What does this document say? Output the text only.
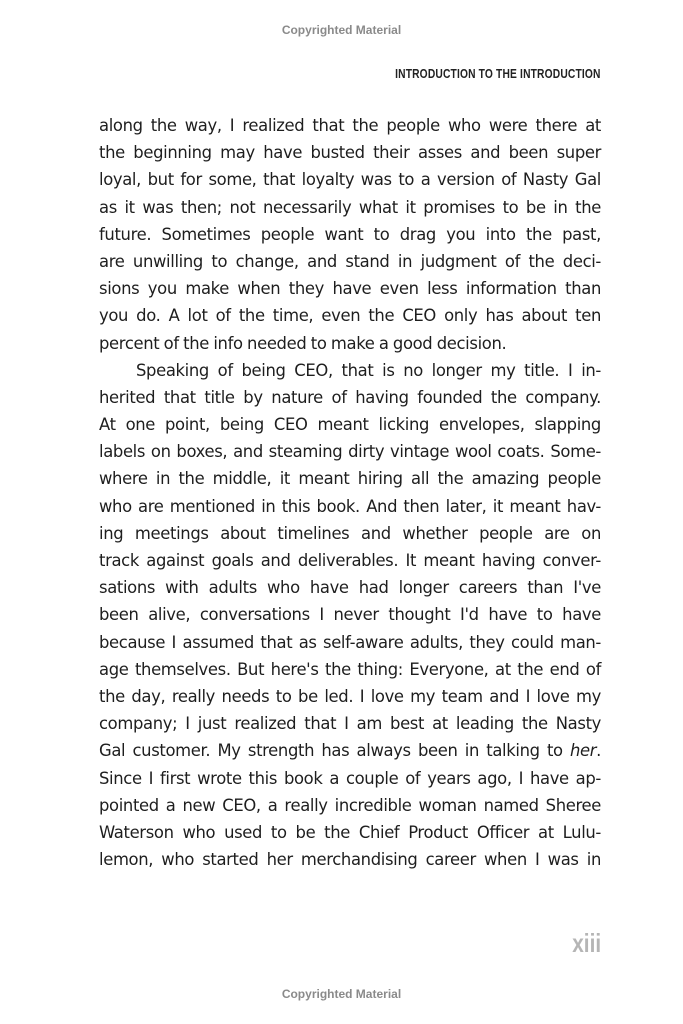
Copyrighted Material
INTRODUCTION TO THE INTRODUCTION
along the way, I realized that the people who were there at
the beginning may have busted their asses and been super
loyal, but for some, that loyalty was to a version of Nasty Gal
as it was then; not necessarily what it promises to be in the
future. Sometimes people want to drag you into the past,
are unwilling to change, and stand in judgment of the deci-
sions you make when they have even less information than
you do. A lot of the time, even the CEO only has about ten
percent of the info needed to make a good decision.
Speaking of being CEO, that is no longer my title. I in-
herited that title by nature of having founded the company.
At one point, being CEO meant licking envelopes, slapping
labels on boxes, and steaming dirty vintage wool coats. Some-
where in the middle, it meant hiring all the amazing people
who are mentioned in this book. And then later, it meant hav-
ing meetings about timelines and whether people are on
track against goals and deliverables. It meant having conver-
sations with adults who have had longer careers than I've
been alive, conversations I never thought I'd have to have
because I assumed that as self-aware adults, they could man-
age themselves. But here's the thing: Everyone, at the end of
the day, really needs to be led. I love my team and I love my
company; I just realized that I am best at leading the Nasty
Gal customer. My strength has always been in talking to her.
Since I first wrote this book a couple of years ago, I have ap-
pointed a new CEO, a really incredible woman named Sheree
Waterson who used to be the Chief Product Officer at Lulu-
lemon, who started her merchandising career when I was in
xiii
Copyrighted Material
